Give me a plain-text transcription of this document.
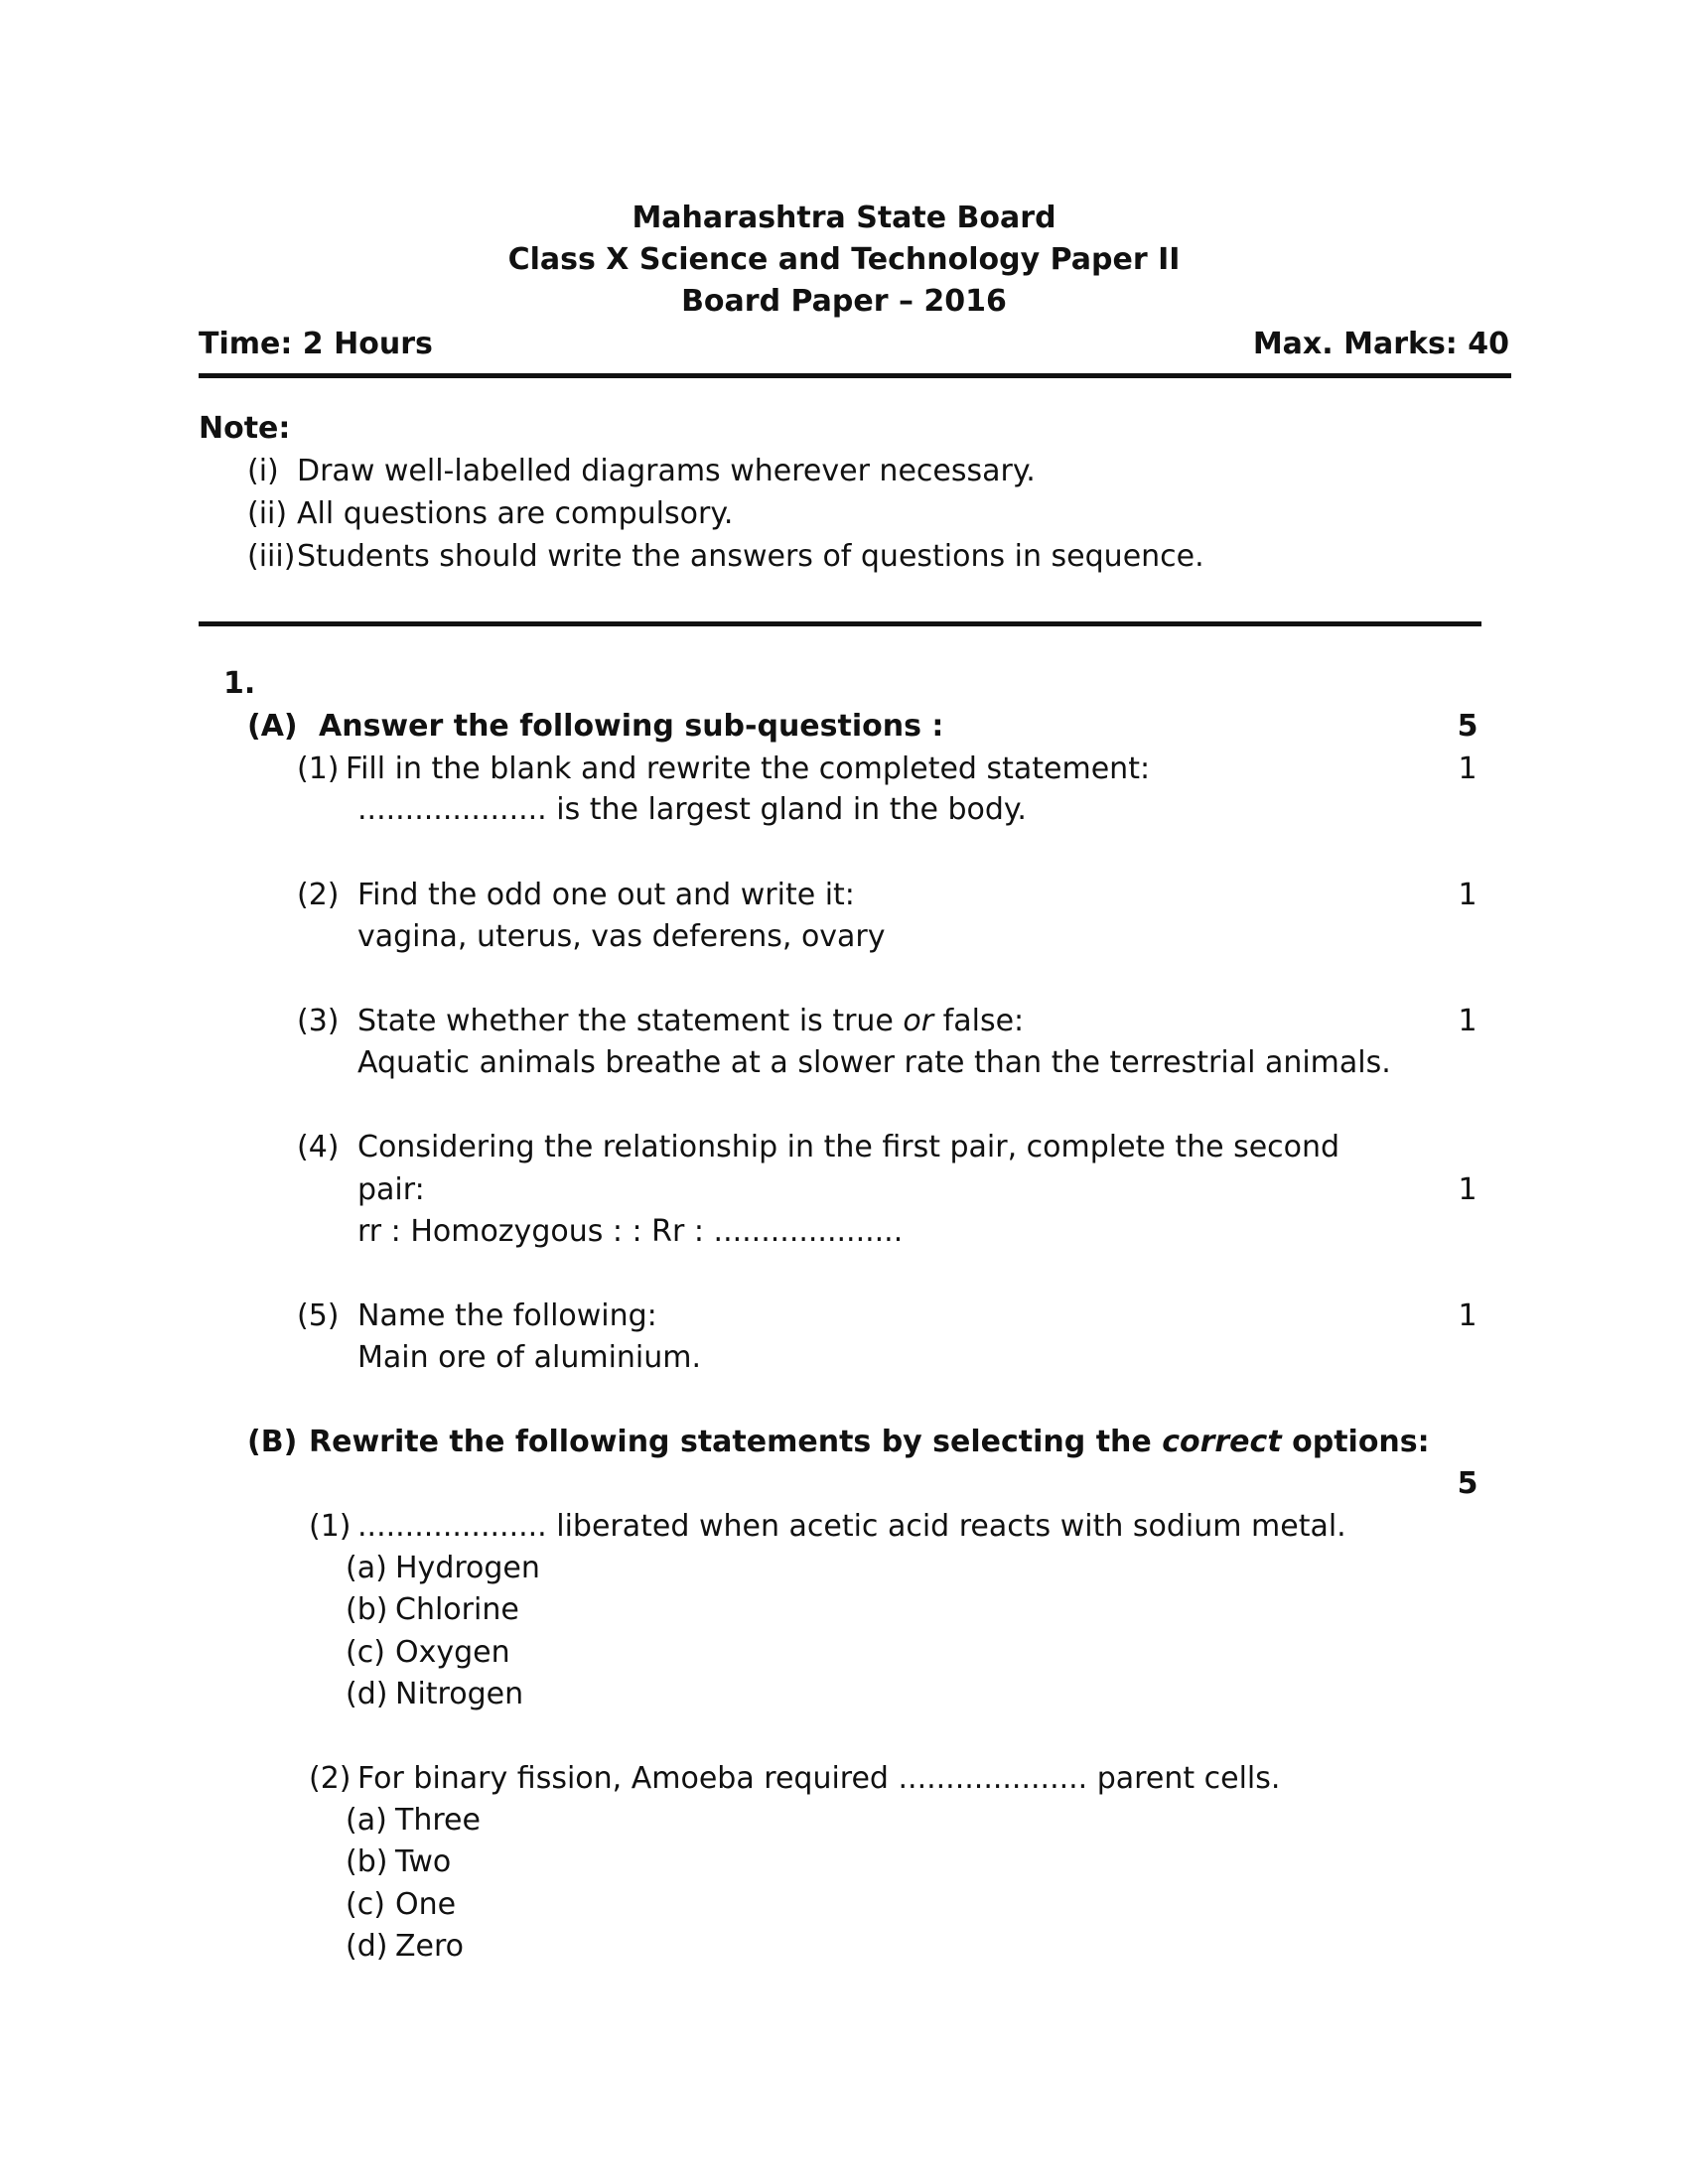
Maharashtra State Board
Class X Science and Technology Paper II
Board Paper – 2016
Time: 2 Hours	Max. Marks: 40
Note:
(i) Draw well-labelled diagrams wherever necessary.
(ii) All questions are compulsory.
(iii) Students should write the answers of questions in sequence.
1.
(A) Answer the following sub-questions :	5
(1) Fill in the blank and rewrite the completed statement:
.................... is the largest gland in the body.
1
(2) Find the odd one out and write it:
vagina, uterus, vas deferens, ovary
1
(3) State whether the statement is true or false:
Aquatic animals breathe at a slower rate than the terrestrial animals.
1
(4) Considering the relationship in the first pair, complete the second
pair:
rr : Homozygous : : Rr : ....................
1
(5) Name the following:
Main ore of aluminium.
1
(B) Rewrite the following statements by selecting the correct options:
5
(1) .................... liberated when acetic acid reacts with sodium metal.
(a) Hydrogen
(b) Chlorine
(c) Oxygen
(d) Nitrogen
(2) For binary fission, Amoeba required .................... parent cells.
(a) Three
(b) Two
(c) One
(d) Zero
